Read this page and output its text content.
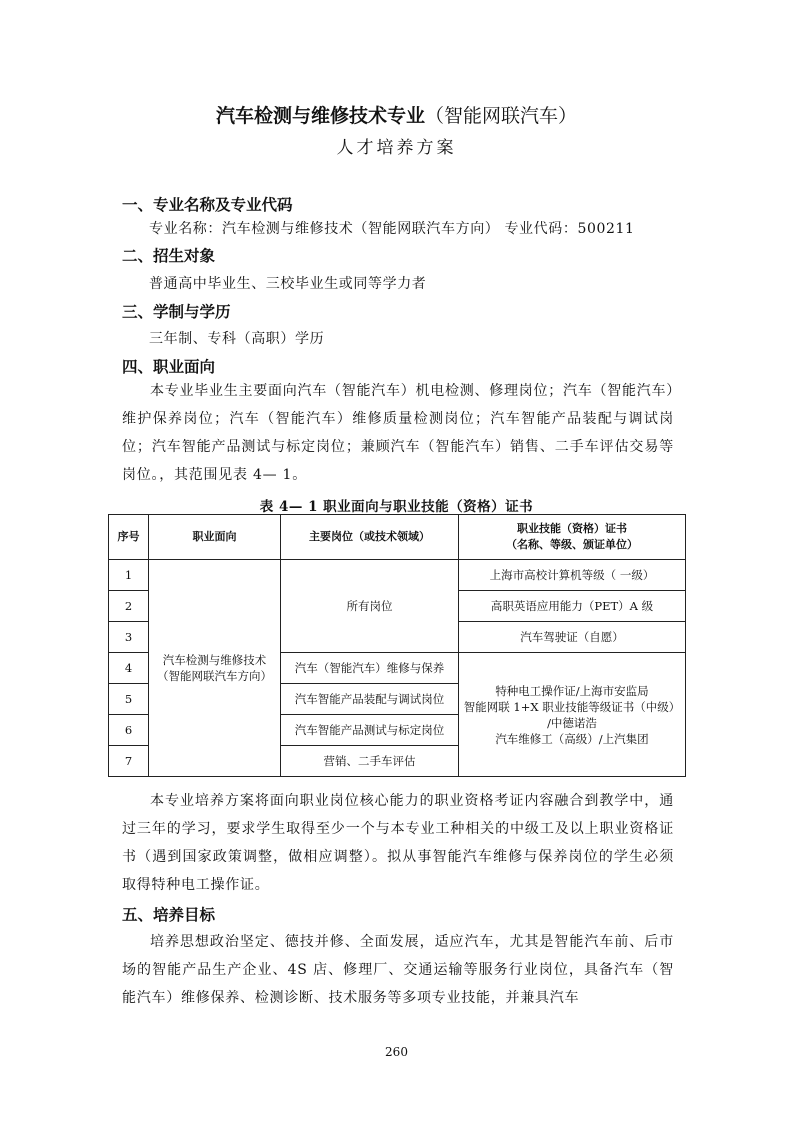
汽车检测与维修技术专业（智能网联汽车）
人才培养方案
一、专业名称及专业代码
专业名称：汽车检测与维修技术（智能网联汽车方向） 专业代码：500211
二、招生对象
普通高中毕业生、三校毕业生或同等学力者
三、学制与学历
三年制、专科（高职）学历
四、职业面向

本专业毕业生主要面向汽车（智能汽车）机电检测、修理岗位；汽车（智能汽车）维护保养岗位；汽车（智能汽车）维修质量检测岗位；汽车智能产品装配与调试岗位；汽车智能产品测试与标定岗位；兼顾汽车（智能汽车）销售、二手车评估交易等岗位。，其范围见表 4— 1。

表 4— 1 职业面向与职业技能（资格）证书
序号	职业面向	主要岗位（或技术领域）	职业技能（资格）证书
（名称、等级、颁证单位）
1	汽车检测与维修技术
（智能网联汽车方向）	所有岗位	上海市高校计算机等级（ 一级）
2			高职英语应用能力（PET）A 级
3			汽车驾驶证（自愿）
4		汽车（智能汽车）维修与保养	特种电工操作证/上海市安监局
智能网联 1+X 职业技能等级证书（中级）
/中德诺浩
汽车维修工（高级）/上汽集团
5		汽车智能产品装配与调试岗位	
6		汽车智能产品测试与标定岗位	
7		营销、二手车评估	

本专业培养方案将面向职业岗位核心能力的职业资格考证内容融合到教学中，通过三年的学习，要求学生取得至少一个与本专业工种相关的中级工及以上职业资格证书（遇到国家政策调整，做相应调整）。拟从事智能汽车维修与保养岗位的学生必须取得特种电工操作证。

五、培养目标

培养思想政治坚定、德技并修、全面发展，适应汽车，尤其是智能汽车前、后市场的智能产品生产企业、4S 店、修理厂、交通运输等服务行业岗位，具备汽车（智能汽车）维修保养、检测诊断、技术服务等多项专业技能，并兼具汽车

260
